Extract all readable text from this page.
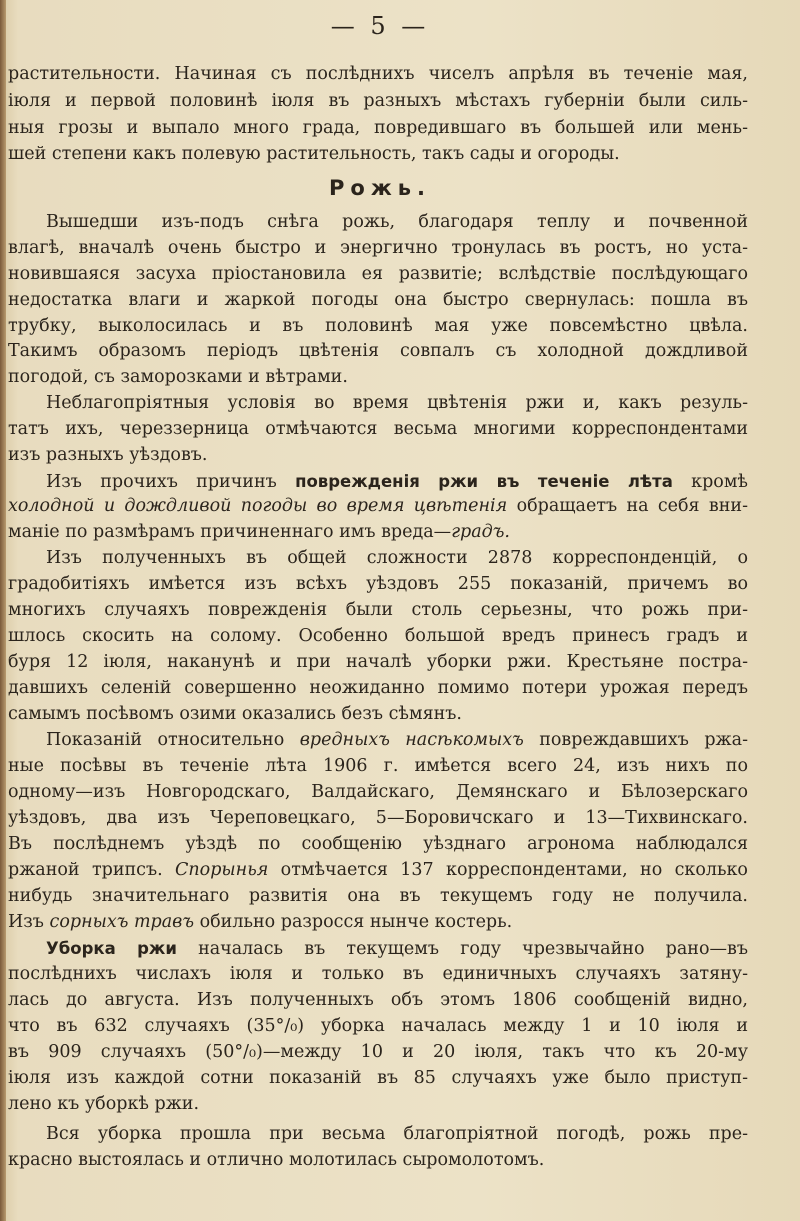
— 5 —
растительности. Начиная съ послѣднихъ чиселъ апрѣля въ теченіе мая,
іюля и первой половинѣ іюля въ разныхъ мѣстахъ губерніи были силь-
ныя грозы и выпало много града, повредившаго въ большей или мень-
шей степени какъ полевую растительность, такъ сады и огороды.
Рожь.
Вышедши изъ-подъ снѣга рожь, благодаря теплу и почвенной
влагѣ, вначалѣ очень быстро и энергично тронулась въ ростъ, но уста-
новившаяся засуха пріостановила ея развитіе; вслѣдствіе послѣдующаго
недостатка влаги и жаркой погоды она быстро свернулась: пошла въ
трубку, выколосилась и въ половинѣ мая уже повсемѣстно цвѣла.
Такимъ образомъ періодъ цвѣтенія совпалъ съ холодной дождливой
погодой, съ заморозками и вѣтрами.
Неблагопріятныя условія во время цвѣтенія ржи и, какъ резуль-
татъ ихъ, череззерница отмѣчаются весьма многими корреспондентами
изъ разныхъ уѣздовъ.
Изъ прочихъ причинъ поврежденія ржи въ теченіе лѣта кромѣ
холодной и дождливой погоды во время цвѣтенія обращаетъ на себя вни-
маніе по размѣрамъ причиненнаго имъ вреда—градъ.
Изъ полученныхъ въ общей сложности 2878 корреспонденцій, о
градобитіяхъ имѣется изъ всѣхъ уѣздовъ 255 показаній, причемъ во
многихъ случаяхъ поврежденія были столь серьезны, что рожь при-
шлось скосить на солому. Особенно большой вредъ принесъ градъ и
буря 12 іюля, наканунѣ и при началѣ уборки ржи. Крестьяне постра-
давшихъ селеній совершенно неожиданно помимо потери урожая передъ
самымъ посѣвомъ озими оказались безъ сѣмянъ.
Показаній относительно вредныхъ насѣкомыхъ повреждавшихъ ржа-
ные посѣвы въ теченіе лѣта 1906 г. имѣется всего 24, изъ нихъ по
одному—изъ Новгородскаго, Валдайскаго, Демянскаго и Бѣлозерскаго
уѣздовъ, два изъ Череповецкаго, 5—Боровичскаго и 13—Тихвинскаго.
Въ послѣднемъ уѣздѣ по сообщенію уѣзднаго агронома наблюдался
ржаной трипсъ. Спорынья отмѣчается 137 корреспондентами, но сколько
нибудь значительнаго развитія она въ текущемъ году не получила.
Изъ сорныхъ травъ обильно разросся нынче костерь.
Уборка ржи началась въ текущемъ году чрезвычайно рано—въ
послѣднихъ числахъ іюля и только въ единичныхъ случаяхъ затяну-
лась до августа. Изъ полученныхъ объ этомъ 1806 сообщеній видно,
что въ 632 случаяхъ (35°/₀) уборка началась между 1 и 10 іюля и
въ 909 случаяхъ (50°/₀)—между 10 и 20 іюля, такъ что къ 20-му
іюля изъ каждой сотни показаній въ 85 случаяхъ уже было приступ-
лено къ уборкѣ ржи.
Вся уборка прошла при весьма благопріятной погодѣ, рожь пре-
красно выстоялась и отлично молотилась сыромолотомъ.
